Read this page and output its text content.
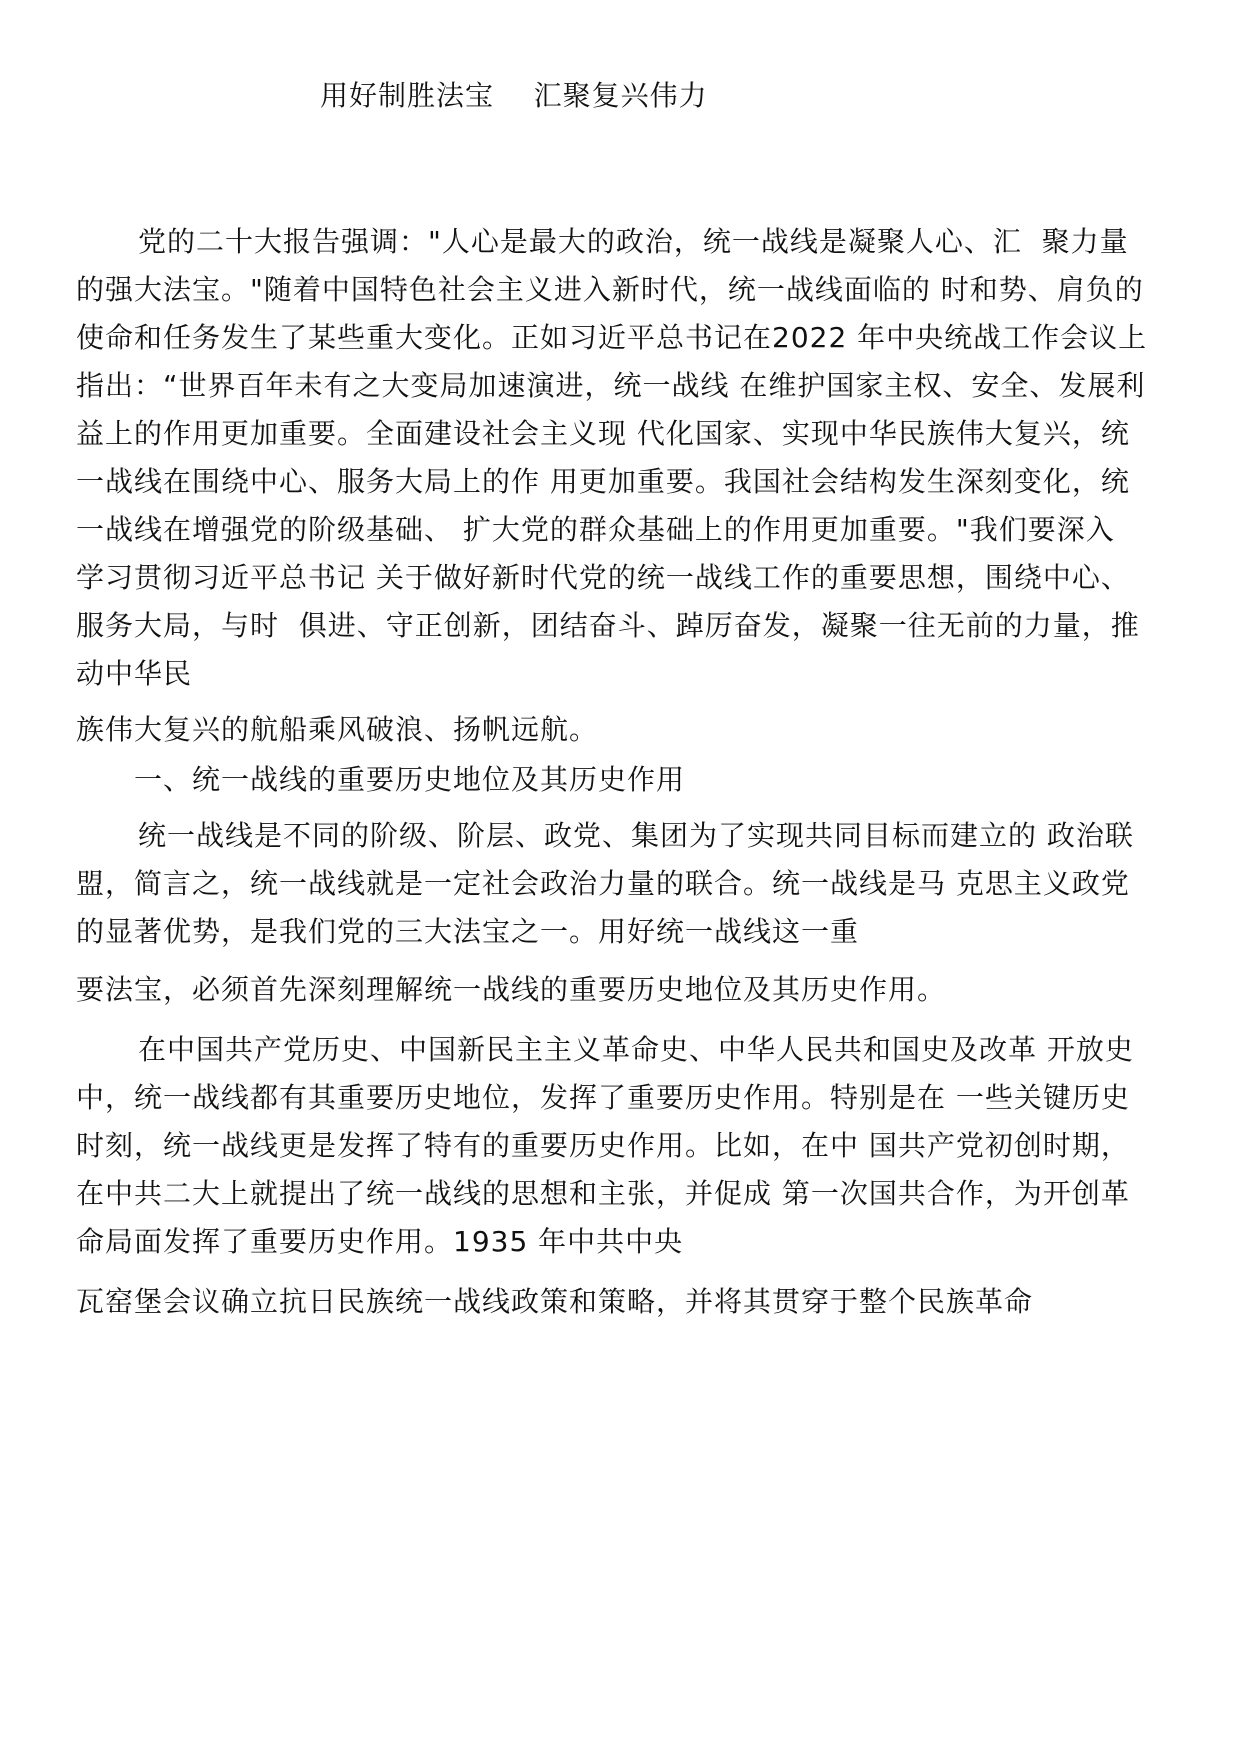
用好制胜法宝    汇聚复兴伟力
党的二十大报告强调："人心是最大的政治，统一战线是凝聚人心、汇  聚力量
的强大法宝。"随着中国特色社会主义进入新时代，统一战线面临的 时和势、肩负的
使命和任务发生了某些重大变化。正如习近平总书记在2022 年中央统战工作会议上
指出：“世界百年未有之大变局加速演进，统一战线 在维护国家主权、安全、发展利
益上的作用更加重要。全面建设社会主义现 代化国家、实现中华民族伟大复兴，统
一战线在围绕中心、服务大局上的作 用更加重要。我国社会结构发生深刻变化，统
一战线在增强党的阶级基础、 扩大党的群众基础上的作用更加重要。"我们要深入
学习贯彻习近平总书记 关于做好新时代党的统一战线工作的重要思想，围绕中心、
服务大局，与时  俱进、守正创新，团结奋斗、踔厉奋发，凝聚一往无前的力量，推
动中华民
族伟大复兴的航船乘风破浪、扬帆远航。
一、统一战线的重要历史地位及其历史作用
统一战线是不同的阶级、阶层、政党、集团为了实现共同目标而建立的 政治联
盟，简言之，统一战线就是一定社会政治力量的联合。统一战线是马 克思主义政党
的显著优势，是我们党的三大法宝之一。用好统一战线这一重
要法宝，必须首先深刻理解统一战线的重要历史地位及其历史作用。
在中国共产党历史、中国新民主主义革命史、中华人民共和国史及改革 开放史
中，统一战线都有其重要历史地位，发挥了重要历史作用。特别是在 一些关键历史
时刻，统一战线更是发挥了特有的重要历史作用。比如，在中 国共产党初创时期，
在中共二大上就提出了统一战线的思想和主张，并促成 第一次国共合作，为开创革
命局面发挥了重要历史作用。1935 年中共中央
瓦窑堡会议确立抗日民族统一战线政策和策略，并将其贯穿于整个民族革命
